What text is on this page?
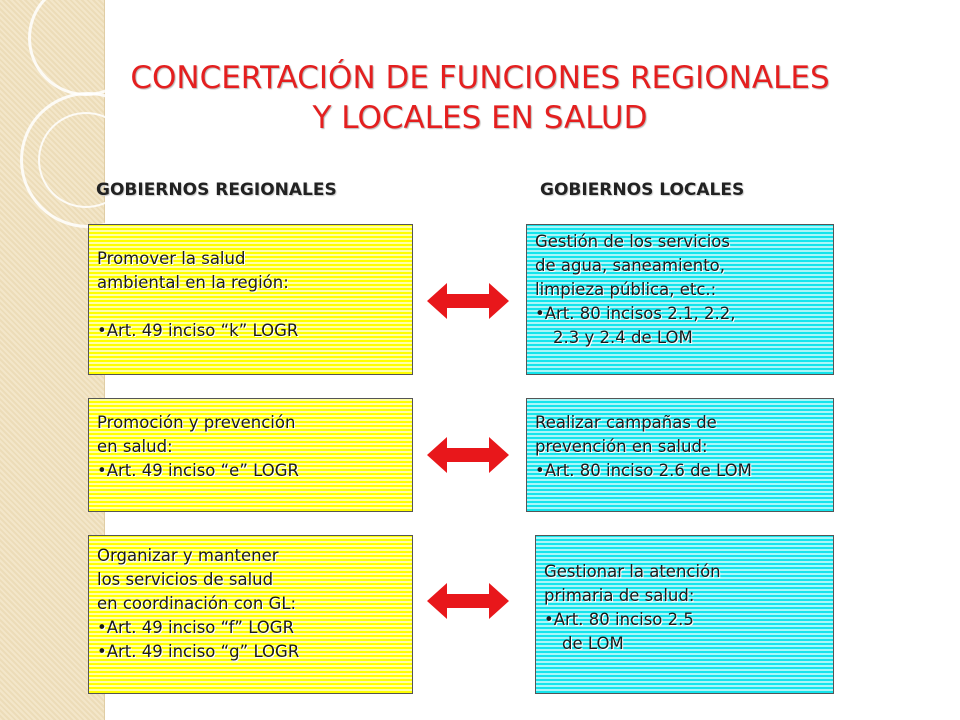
CONCERTACIÓN DE FUNCIONES REGIONALES
Y LOCALES EN SALUD
GOBIERNOS REGIONALES	GOBIERNOS LOCALES
Promover la salud
ambiental en la región:
• Art. 49 inciso “k” LOGR
Gestión de los servicios
de agua, saneamiento,
limpieza pública, etc.:
• Art. 80 incisos 2.1, 2.2,
2.3 y 2.4 de LOM
Promoción y prevención
en salud:
• Art. 49 inciso “e” LOGR
Realizar campañas de
prevención en salud:
• Art. 80 inciso 2.6 de LOM
Organizar y mantener
los servicios de salud
en coordinación con GL:
• Art. 49 inciso “f” LOGR
• Art. 49 inciso “g” LOGR
Gestionar la atención
primaria de salud:
• Art. 80 inciso 2.5
de LOM
